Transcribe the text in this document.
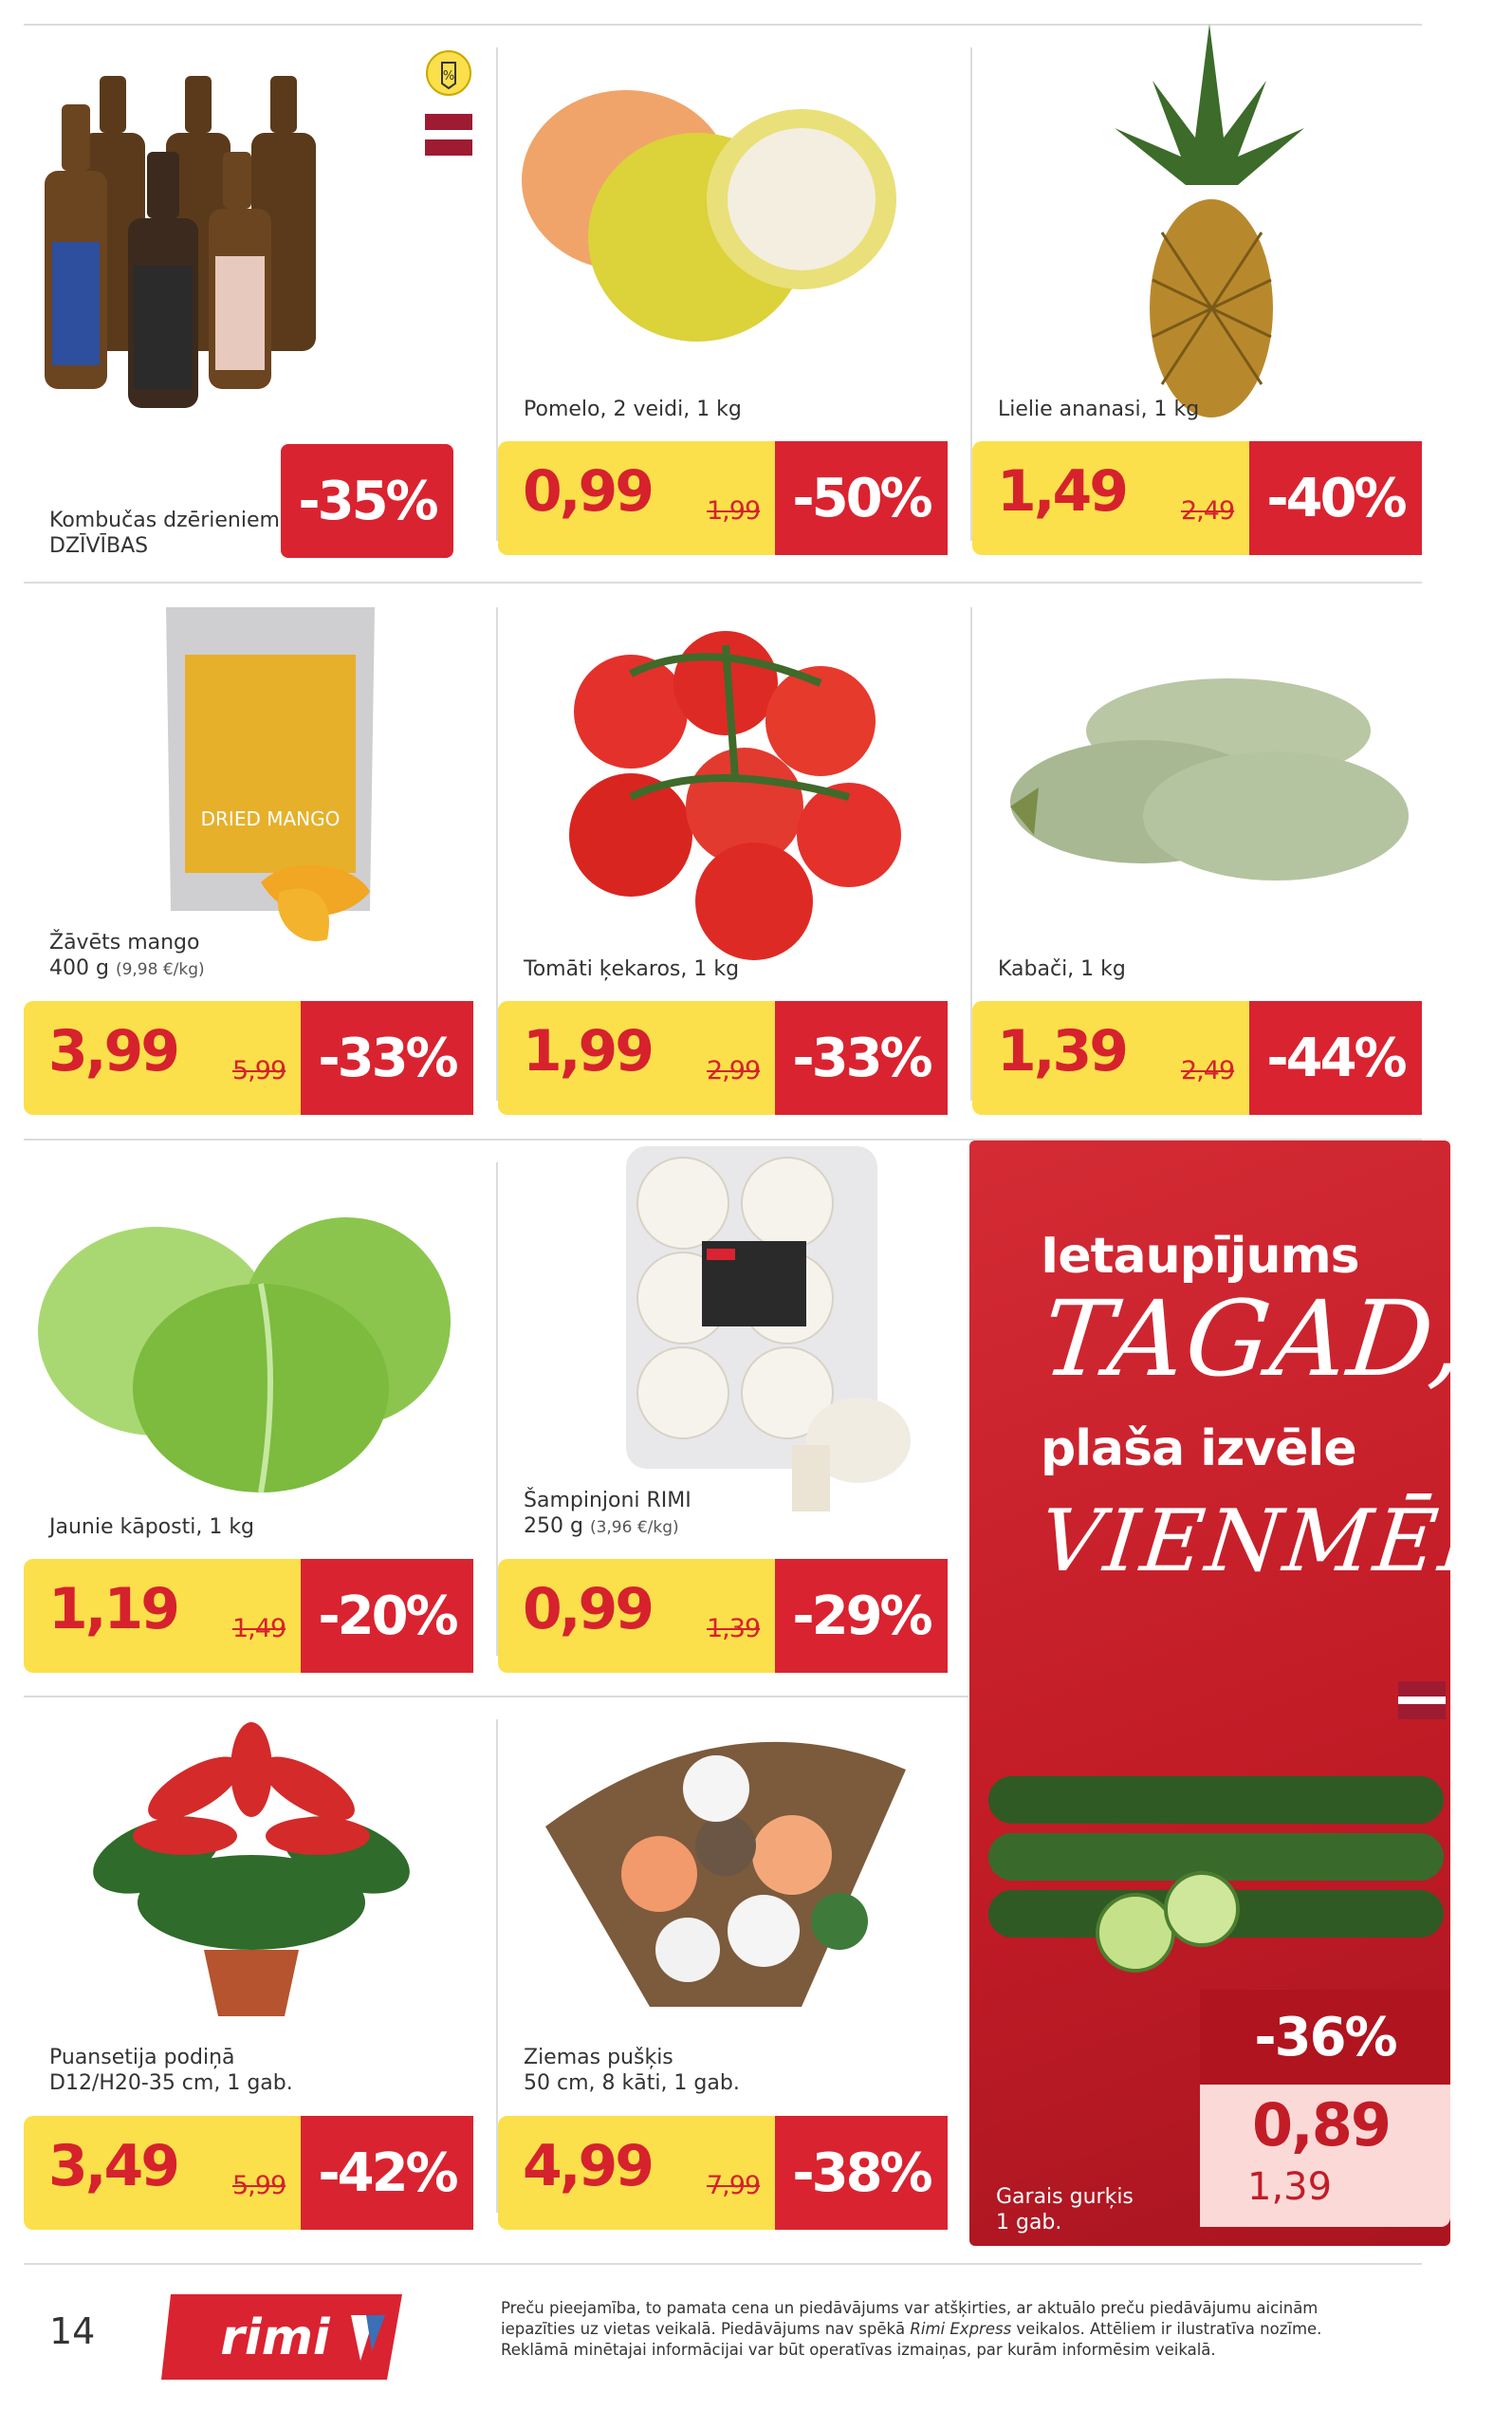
Kombučas dzērieniem
DZĪVĪBAS
-35%
%
Pomelo, 2 veidi, 1 kg
0,99 1,99 -50%
Lielie ananasi, 1 kg
1,49 2,49 -40%
DRIED MANGO
Žāvēts mango
400 g (9,98 €/kg)
3,99 5,99 -33%
Tomāti ķekaros, 1 kg
1,99 2,99 -33%
Kabači, 1 kg
1,39 2,49 -44%
Jaunie kāposti, 1 kg
1,19 1,49 -20%
Šampinjoni RIMI
250 g (3,96 €/kg)
0,99 1,39 -29%
Puansetija podiņā
D12/H20-35 cm, 1 gab.
3,49 5,99 -42%
Ziemas pušķis
50 cm, 8 kāti, 1 gab.
4,99 7,99 -38%
Ietaupījums
TAGAD,
plaša izvēle
VIENMĒR
-36%
0,89
1,39
Garais gurķis
1 gab.
14	rimi
Preču pieejamība, to pamata cena un piedāvājums var atšķirties, ar aktuālo preču piedāvājumu aicinām iepazīties uz vietas veikalā. Piedāvājums nav spēkā Rimi Express veikalos. Attēliem ir ilustratīva nozīme. Reklāmā minētajai informācijai var būt operatīvas izmaiņas, par kurām informēsim veikalā.
